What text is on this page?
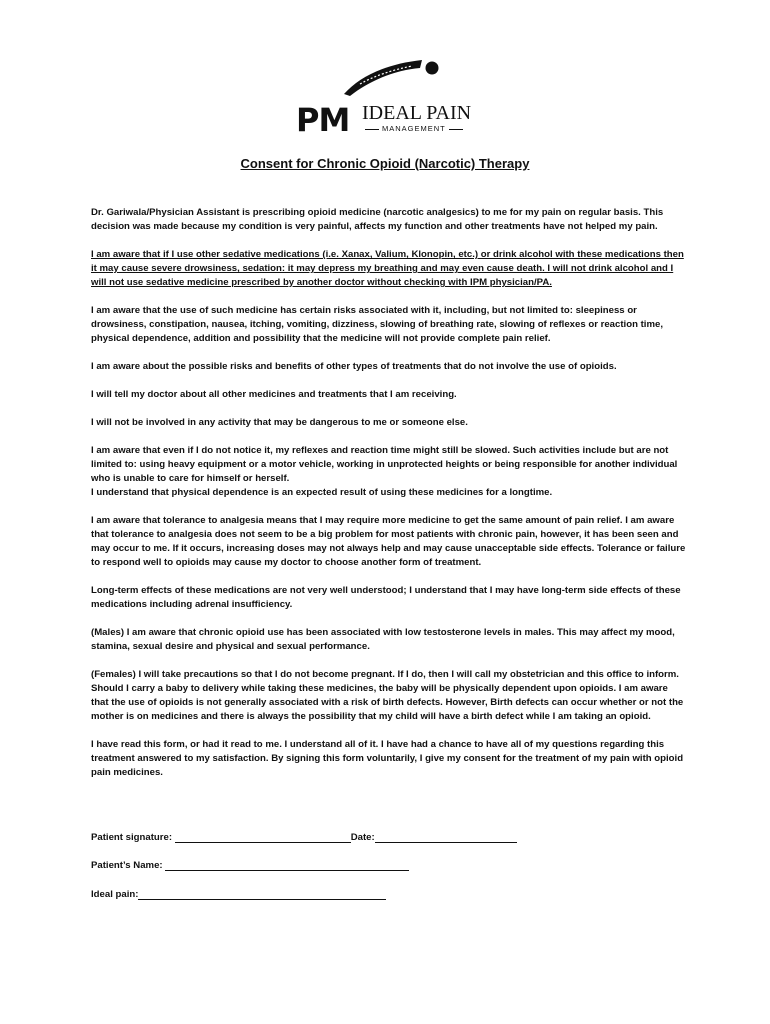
PM IDEAL PAIN
MANAGEMENT
Consent for Chronic Opioid (Narcotic) Therapy

Dr. Gariwala/Physician Assistant is prescribing opioid medicine (narcotic analgesics) to me for my pain on regular basis. This decision was made because my condition is very painful, affects my function and other treatments have not helped my pain.

I am aware that if I use other sedative medications (i.e. Xanax, Valium, Klonopin, etc.) or drink alcohol with these medications then it may cause severe drowsiness, sedation: it may depress my breathing and may even cause death. I will not drink alcohol and I will not use sedative medicine prescribed by another doctor without checking with IPM physician/PA.

I am aware that the use of such medicine has certain risks associated with it, including, but not limited to: sleepiness or drowsiness, constipation, nausea, itching, vomiting, dizziness, slowing of breathing rate, slowing of reflexes or reaction time, physical dependence, addition and possibility that the medicine will not provide complete pain relief.

I am aware about the possible risks and benefits of other types of treatments that do not involve the use of opioids.

I will tell my doctor about all other medicines and treatments that I am receiving.

I will not be involved in any activity that may be dangerous to me or someone else.

I am aware that even if I do not notice it, my reflexes and reaction time might still be slowed. Such activities include but are not limited to: using heavy equipment or a motor vehicle, working in unprotected heights or being responsible for another individual who is unable to care for himself or herself.
I understand that physical dependence is an expected result of using these medicines for a longtime.

I am aware that tolerance to analgesia means that I may require more medicine to get the same amount of pain relief. I am aware that tolerance to analgesia does not seem to be a big problem for most patients with chronic pain, however, it has been seen and may occur to me. If it occurs, increasing doses may not always help and may cause unacceptable side effects. Tolerance or failure to respond well to opioids may cause my doctor to choose another form of treatment.

Long-term effects of these medications are not very well understood; I understand that I may have long-term side effects of these medications including adrenal insufficiency.

(Males) I am aware that chronic opioid use has been associated with low testosterone levels in males. This may affect my mood, stamina, sexual desire and physical and sexual performance.

(Females) I will take precautions so that I do not become pregnant. If I do, then I will call my obstetrician and this office to inform. Should I carry a baby to delivery while taking these medicines, the baby will be physically dependent upon opioids. I am aware that the use of opioids is not generally associated with a risk of birth defects. However, Birth defects can occur whether or not the mother is on medicines and there is always the possibility that my child will have a birth defect while I am taking an opioid.

I have read this form, or had it read to me. I understand all of it. I have had a chance to have all of my questions regarding this treatment answered to my satisfaction. By signing this form voluntarily, I give my consent for the treatment of my pain with opioid pain medicines.

Patient signature:	Date:
Patient’s Name:
Ideal pain:
